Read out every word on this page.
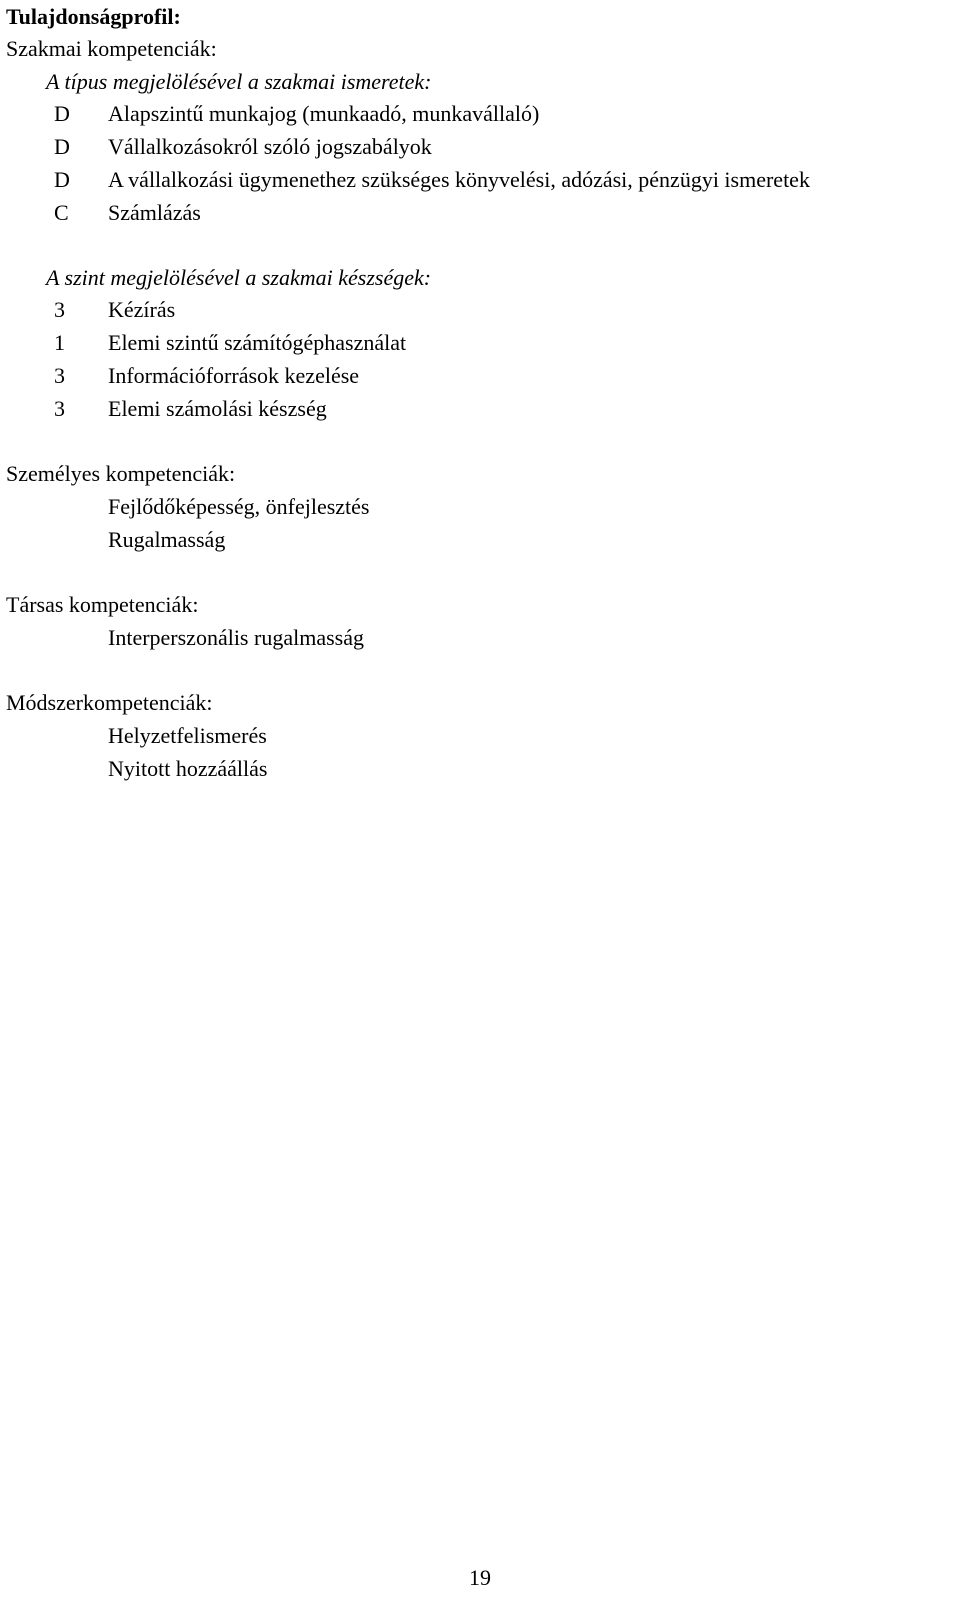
Tulajdonságprofil:
Szakmai kompetenciák:
A típus megjelölésével a szakmai ismeretek:
D	Alapszintű munkajog (munkaadó, munkavállaló)
D	Vállalkozásokról szóló jogszabályok
D	A vállalkozási ügymenethez szükséges könyvelési, adózási, pénzügyi ismeretek
C	Számlázás
A szint megjelölésével a szakmai készségek:
3	Kézírás
1	Elemi szintű számítógéphasználat
3	Információforrások kezelése
3	Elemi számolási készség
Személyes kompetenciák:
Fejlődőképesség, önfejlesztés
Rugalmasság
Társas kompetenciák:
Interperszonális rugalmasság
Módszerkompetenciák:
Helyzetfelismerés
Nyitott hozzáállás
19
